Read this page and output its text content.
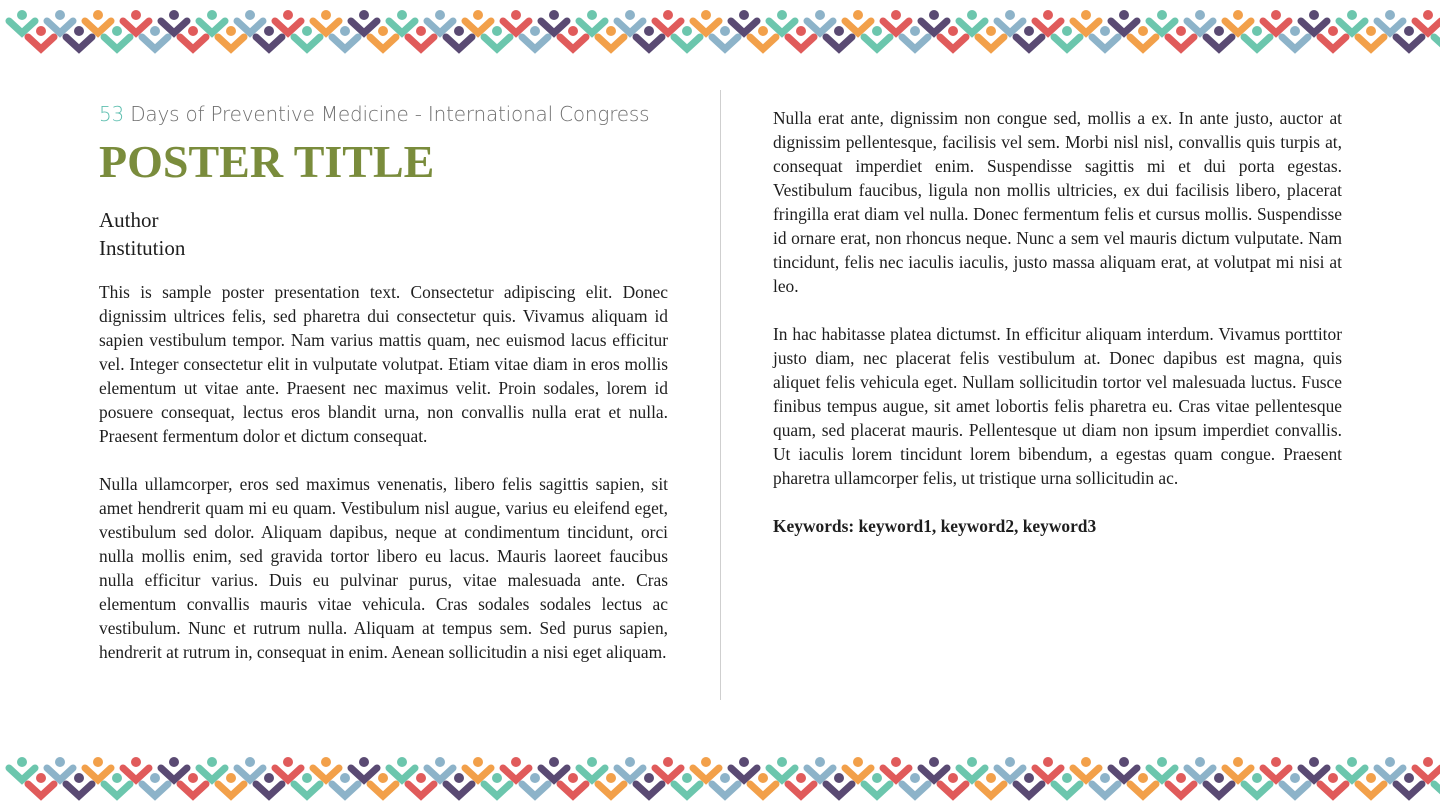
53 Days of Preventive Medicine - International Congress
POSTER TITLE
Author
Institution

This is sample poster presentation text. Consectetur adipiscing elit. Donec dignissim ultrices felis, sed pharetra dui consectetur quis. Vivamus aliquam id sapien vestibulum tempor. Nam varius mattis quam, nec euismod lacus efficitur vel. Integer consectetur elit in vulputate volutpat. Etiam vitae diam in eros mollis elementum ut vitae ante. Praesent nec maximus velit. Proin sodales, lorem id posuere consequat, lectus eros blandit urna, non convallis nulla erat et nulla. Praesent fermentum dolor et dictum consequat.

Nulla ullamcorper, eros sed maximus venenatis, libero felis sagittis sapien, sit amet hendrerit quam mi eu quam. Vestibulum nisl augue, varius eu eleifend eget, vestibulum sed dolor. Aliquam dapibus, neque at condimentum tincidunt, orci nulla mollis enim, sed gravida tortor libero eu lacus. Mauris laoreet faucibus nulla efficitur varius. Duis eu pulvinar purus, vitae malesuada ante. Cras elementum convallis mauris vitae vehicula. Cras sodales sodales lectus ac vestibulum. Nunc et rutrum nulla. Aliquam at tempus sem. Sed purus sapien, hendrerit at rutrum in, consequat in enim. Aenean sollicitudin a nisi eget aliquam.

Nulla erat ante, dignissim non congue sed, mollis a ex. In ante justo, auctor at dignissim pellentesque, facilisis vel sem. Morbi nisl nisl, convallis quis turpis at, consequat imperdiet enim. Suspendisse sagittis mi et dui porta egestas. Vestibulum faucibus, ligula non mollis ultricies, ex dui facilisis libero, placerat fringilla erat diam vel nulla. Donec fermentum felis et cursus mollis. Suspendisse id ornare erat, non rhoncus neque. Nunc a sem vel mauris dictum vulputate. Nam tincidunt, felis nec iaculis iaculis, justo massa aliquam erat, at volutpat mi nisi at leo.

In hac habitasse platea dictumst. In efficitur aliquam interdum. Vivamus porttitor justo diam, nec placerat felis vestibulum at. Donec dapibus est magna, quis aliquet felis vehicula eget. Nullam sollicitudin tortor vel malesuada luctus. Fusce finibus tempus augue, sit amet lobortis felis pharetra eu. Cras vitae pellentesque quam, sed placerat mauris. Pellentesque ut diam non ipsum imperdiet convallis. Ut iaculis lorem tincidunt lorem bibendum, a egestas quam congue. Praesent pharetra ullamcorper felis, ut tristique urna sollicitudin ac.

Keywords: keyword1, keyword2, keyword3
